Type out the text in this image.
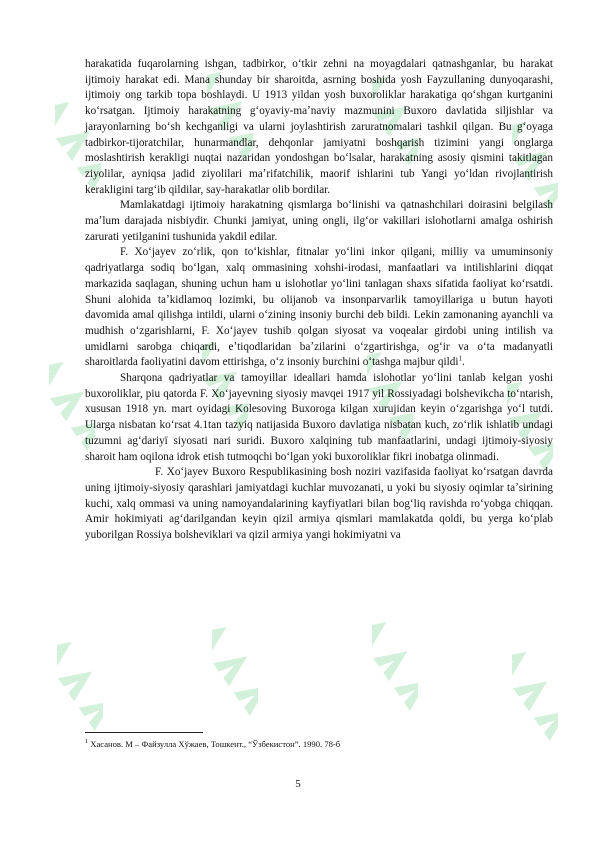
harakatida fuqarolarning ishgan, tadbirkor, oʻtkir zehni na moyagdalari qatnashganlar, bu harakat ijtimoiy harakat edi. Mana shunday bir sharoitda, asrning boshida yosh Fayzullaning dunyoqarashi, ijtimoiy ong tarkib topa boshlaydi. U 1913 yildan yosh buxoroliklar harakatiga qoʻshgan kurtganini koʻrsatgan. Ijtimoiy harakatning gʻoyaviy-maʼnaviy mazmunini Buxoro davlatida siljishlar va jarayonlarning boʻsh kechganligi va ularni joylashtirish zaruratnomalari tashkil qilgan. Bu gʻoyaga tadbirkor-tijoratchilar, hunarmandlar, dehqonlar jamiyatni boshqarish tizimini yangi onglarga moslashtirish kerakligi nuqtai nazaridan yondoshgan boʻlsalar, harakatning asosiy qismini takitlagan ziyolilar, ayniqsa jadid ziyolilari maʼrifatchilik, maorif ishlarini tub Yangi yoʻldan rivojlantirish kerakligini targʻib qildilar, say-harakatlar olib bordilar.

Mamlakatdagi ijtimoiy harakatning qismlarga boʻlinishi va qatnashchilari doirasini belgilash maʼlum darajada nisbiydir. Chunki jamiyat, uning ongli, ilgʻor vakillari islohotlarni amalga oshirish zarurati yetilganini tushunida yakdil edilar.

F. Xoʻjayev zoʻrlik, qon toʻkishlar, fitnalar yoʻlini inkor qilgani, milliy va umuminsoniy qadriyatlarga sodiq boʻlgan, xalq ommasining xohshi-irodasi, manfaatlari va intilishlarini diqqat markazida saqlagan, shuning uchun ham u islohotlar yoʻlini tanlagan shaxs sifatida faoliyat koʻrsatdi. Shuni alohida taʼkidlamoq lozimki, bu olijanob va insonparvarlik tamoyillariga u butun hayoti davomida amal qilishga intildi, ularni oʻzining insoniy burchi deb bildi. Lekin zamonaning ayanchli va mudhish oʻzgarishlarni, F. Xoʻjayev tushib qolgan siyosat va voqealar girdobi uning intilish va umidlarni sarobga chiqardi, eʼtiqodlaridan baʼzilarini oʻzgartirishga, ogʻir va oʻta madanyatli sharoitlarda faoliyatini davom ettirishga, oʻz insoniy burchini oʻtashga majbur qildi$^1$.

Sharqona qadriyatlar va tamoyillar ideallari hamda islohotlar yoʻlini tanlab kelgan yoshi buxoroliklar, piu qatorda F. Xoʻjayevning siyosiy mavqei 1917 yil Rossiyadagi bolshevikcha toʻntarish, xususan 1918 yn. mart oyidagi Kolesoving Buxoroga kilgan xurujidan keyin oʻzgarishga yoʻl tutdi. Ularga nisbatan koʻrsat 4.1tan tazyiq natijasida Buxoro davlatiga nisbatan kuch, zoʻrlik ishlatib undagi tuzumni agʻdariyï siyosati nari suridi. Buxoro xalqining tub manfaatlarini, undagi ijtimoiy-siyosiy sharoit ham oqilona idrok etish tutmoqchi boʻlgan yoki buxoroliklar fikri inobatga olinmadi.

F. Xoʻjayev Buxoro Respublikasining bosh noziri vazifasida faoliyat koʻrsatgan davrda uning ijtimoiy-siyosiy qarashlari jamiyatdagi kuchlar muvozanati, u yoki bu siyosiy oqimlar taʼsirining kuchi, xalq ommasi va uning namoyandalarining kayfiyatlari bilan bogʻliq ravishda roʻyobga chiqqan. Amir hokimiyati agʻdarilgandan keyin qizil armiya qismlari mamlakatda qoldi, bu yerga koʻplab yuborilgan Rossiya bolsheviklari va qizil armiya yangi hokimiyatni va

$^1$ Хасанов. М – Файзулла Хўжаев, Тошкент., “Ўзбекистон”. 1990. 78-б
5
